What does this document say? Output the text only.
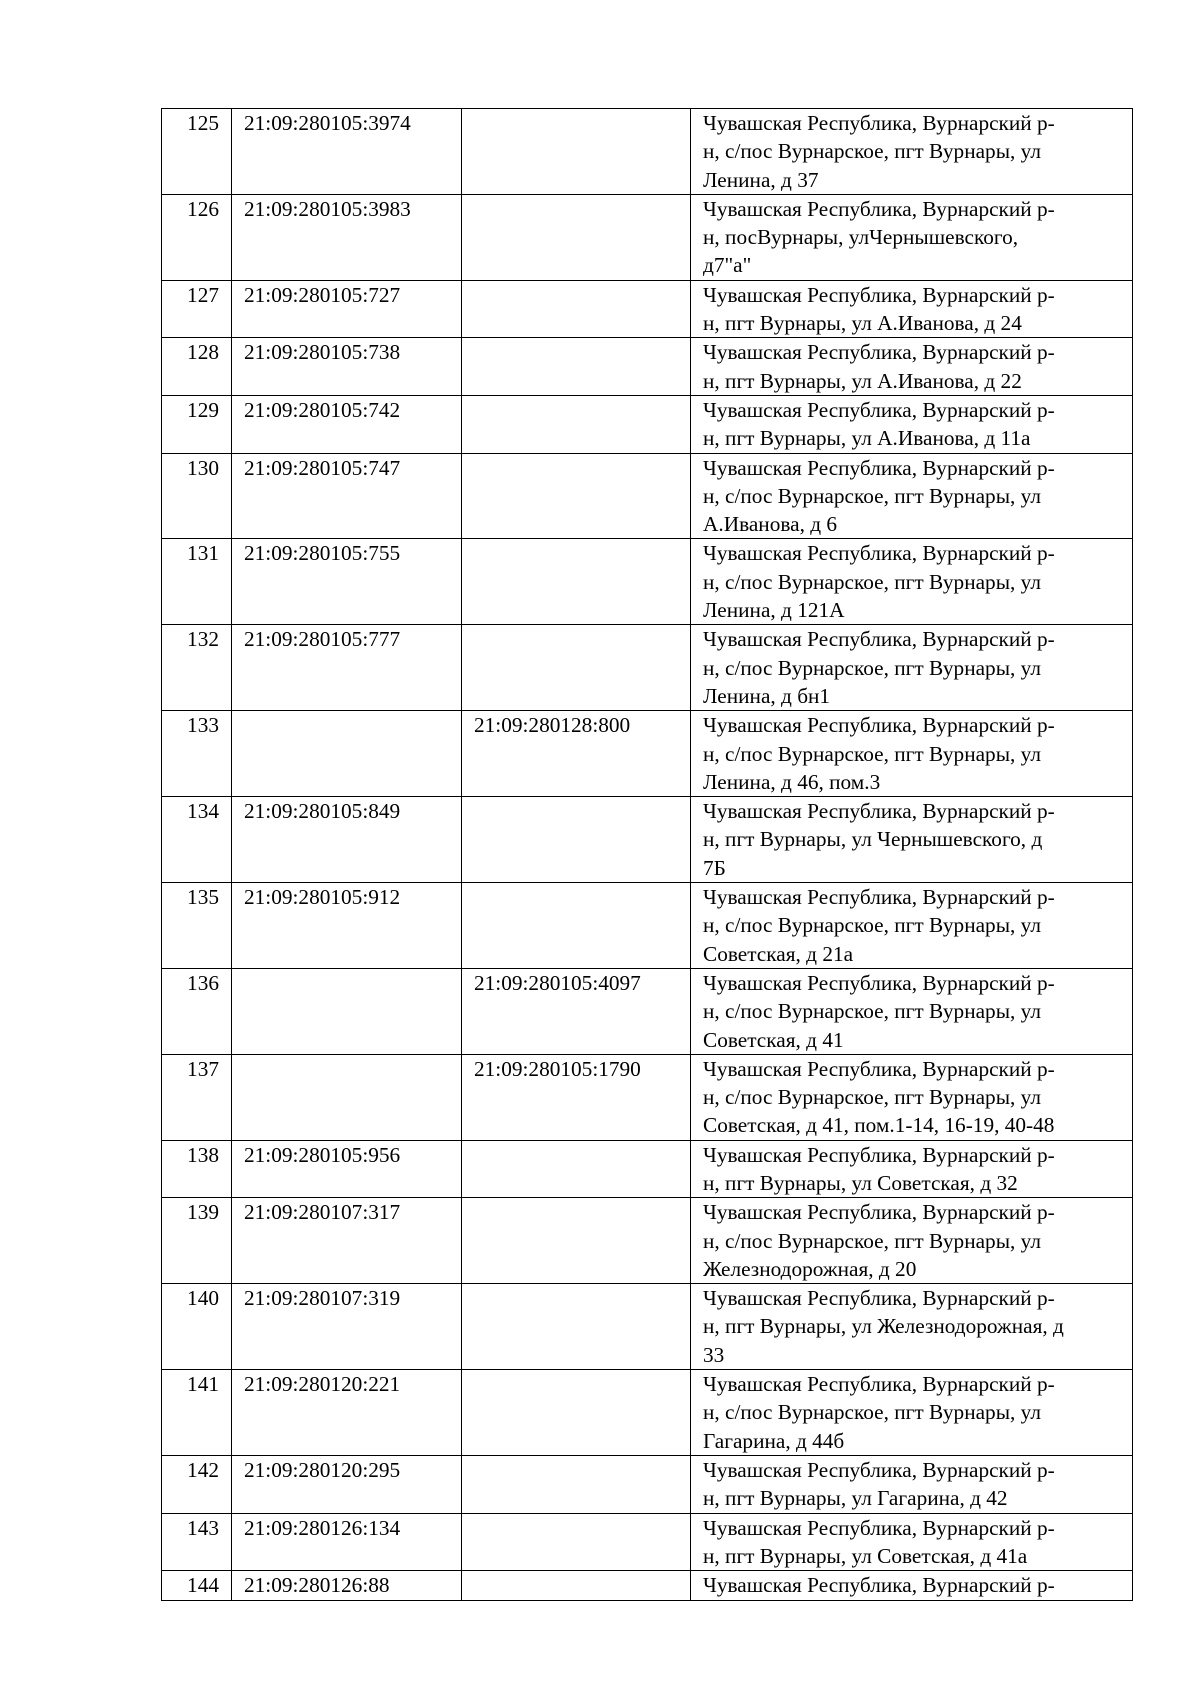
125	21:09:280105:3974		Чувашская Республика, Вурнарский р-
н, с/пос Вурнарское, пгт Вурнары, ул
Ленина, д 37

126	21:09:280105:3983		Чувашская Республика, Вурнарский р-
н, посВурнары, улЧернышевского,
д7"а"

127	21:09:280105:727		Чувашская Республика, Вурнарский р-
н, пгт Вурнары, ул А.Иванова, д 24

128	21:09:280105:738		Чувашская Республика, Вурнарский р-
н, пгт Вурнары, ул А.Иванова, д 22

129	21:09:280105:742		Чувашская Республика, Вурнарский р-
н, пгт Вурнары, ул А.Иванова, д 11а

130	21:09:280105:747		Чувашская Республика, Вурнарский р-
н, с/пос Вурнарское, пгт Вурнары, ул
А.Иванова, д 6

131	21:09:280105:755		Чувашская Республика, Вурнарский р-
н, с/пос Вурнарское, пгт Вурнары, ул
Ленина, д 121А

132	21:09:280105:777		Чувашская Республика, Вурнарский р-
н, с/пос Вурнарское, пгт Вурнары, ул
Ленина, д бн1

133		21:09:280128:800	Чувашская Республика, Вурнарский р-
н, с/пос Вурнарское, пгт Вурнары, ул
Ленина, д 46, пом.3

134	21:09:280105:849		Чувашская Республика, Вурнарский р-
н, пгт Вурнары, ул Чернышевского, д
7Б

135	21:09:280105:912		Чувашская Республика, Вурнарский р-
н, с/пос Вурнарское, пгт Вурнары, ул
Советская, д 21а

136		21:09:280105:4097	Чувашская Республика, Вурнарский р-
н, с/пос Вурнарское, пгт Вурнары, ул
Советская, д 41

137		21:09:280105:1790	Чувашская Республика, Вурнарский р-
н, с/пос Вурнарское, пгт Вурнары, ул
Советская, д 41, пом.1-14, 16-19, 40-48

138	21:09:280105:956		Чувашская Республика, Вурнарский р-
н, пгт Вурнары, ул Советская, д 32

139	21:09:280107:317		Чувашская Республика, Вурнарский р-
н, с/пос Вурнарское, пгт Вурнары, ул
Железнодорожная, д 20

140	21:09:280107:319		Чувашская Республика, Вурнарский р-
н, пгт Вурнары, ул Железнодорожная, д
33

141	21:09:280120:221		Чувашская Республика, Вурнарский р-
н, с/пос Вурнарское, пгт Вурнары, ул
Гагарина, д 44б

142	21:09:280120:295		Чувашская Республика, Вурнарский р-
н, пгт Вурнары, ул Гагарина, д 42

143	21:09:280126:134		Чувашская Республика, Вурнарский р-
н, пгт Вурнары, ул Советская, д 41а

144	21:09:280126:88		Чувашская Республика, Вурнарский р-
